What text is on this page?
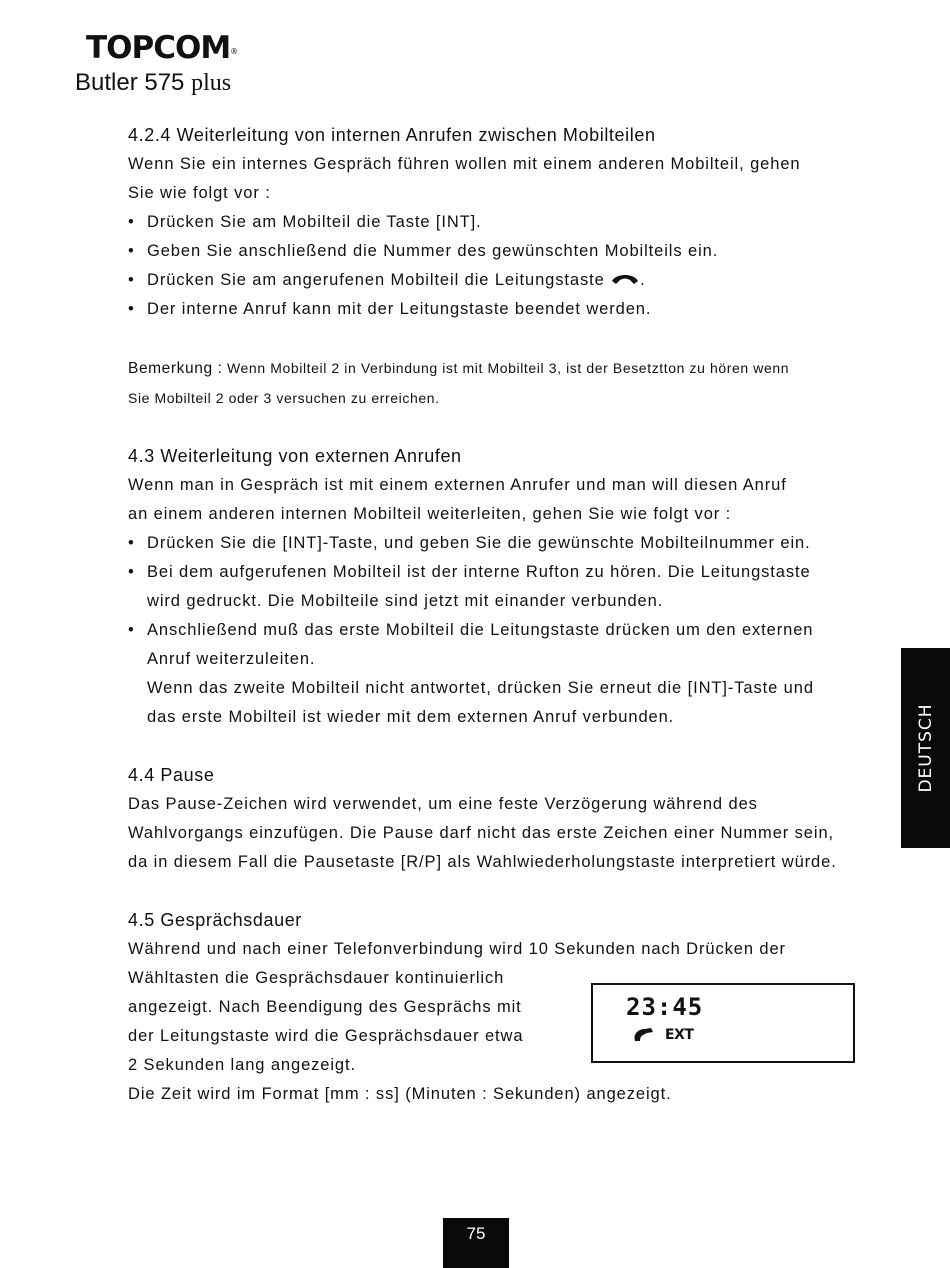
TOPCOM®
Butler 575 plus
4.2.4 Weiterleitung von internen Anrufen zwischen Mobilteilen
Wenn Sie ein internes Gespräch führen wollen mit einem anderen Mobilteil, gehen
Sie wie folgt vor :
• Drücken Sie am Mobilteil die Taste [INT].
• Geben Sie anschließend die Nummer des gewünschten Mobilteils ein.
• Drücken Sie am angerufenen Mobilteil die Leitungstaste .
• Der interne Anruf kann mit der Leitungstaste beendet werden.
Bemerkung : Wenn Mobilteil 2 in Verbindung ist mit Mobilteil 3, ist der Besetztton zu hören wenn
Sie Mobilteil 2 oder 3 versuchen zu erreichen.
4.3 Weiterleitung von externen Anrufen
Wenn man in Gespräch ist mit einem externen Anrufer und man will diesen Anruf
an einem anderen internen Mobilteil weiterleiten, gehen Sie wie folgt vor :
• Drücken Sie die [INT]-Taste, und geben Sie die gewünschte Mobilteilnummer ein.
• Bei dem aufgerufenen Mobilteil ist der interne Rufton zu hören. Die Leitungstaste
wird gedruckt. Die Mobilteile sind jetzt mit einander verbunden.
• Anschließend muß das erste Mobilteil die Leitungstaste drücken um den externen
Anruf weiterzuleiten.
Wenn das zweite Mobilteil nicht antwortet, drücken Sie erneut die [INT]-Taste und
das erste Mobilteil ist wieder mit dem externen Anruf verbunden.
4.4 Pause
Das Pause-Zeichen wird verwendet, um eine feste Verzögerung während des
Wahlvorgangs einzufügen. Die Pause darf nicht das erste Zeichen einer Nummer sein,
da in diesem Fall die Pausetaste [R/P] als Wahlwiederholungstaste interpretiert würde.
4.5 Gesprächsdauer
Während und nach einer Telefonverbindung wird 10 Sekunden nach Drücken der
Wähltasten die Gesprächsdauer kontinuierlich
angezeigt. Nach Beendigung des Gesprächs mit
der Leitungstaste wird die Gesprächsdauer etwa
2 Sekunden lang angezeigt.
Die Zeit wird im Format [mm : ss] (Minuten : Sekunden) angezeigt.
23:45
EXT
DEUTSCH
75
